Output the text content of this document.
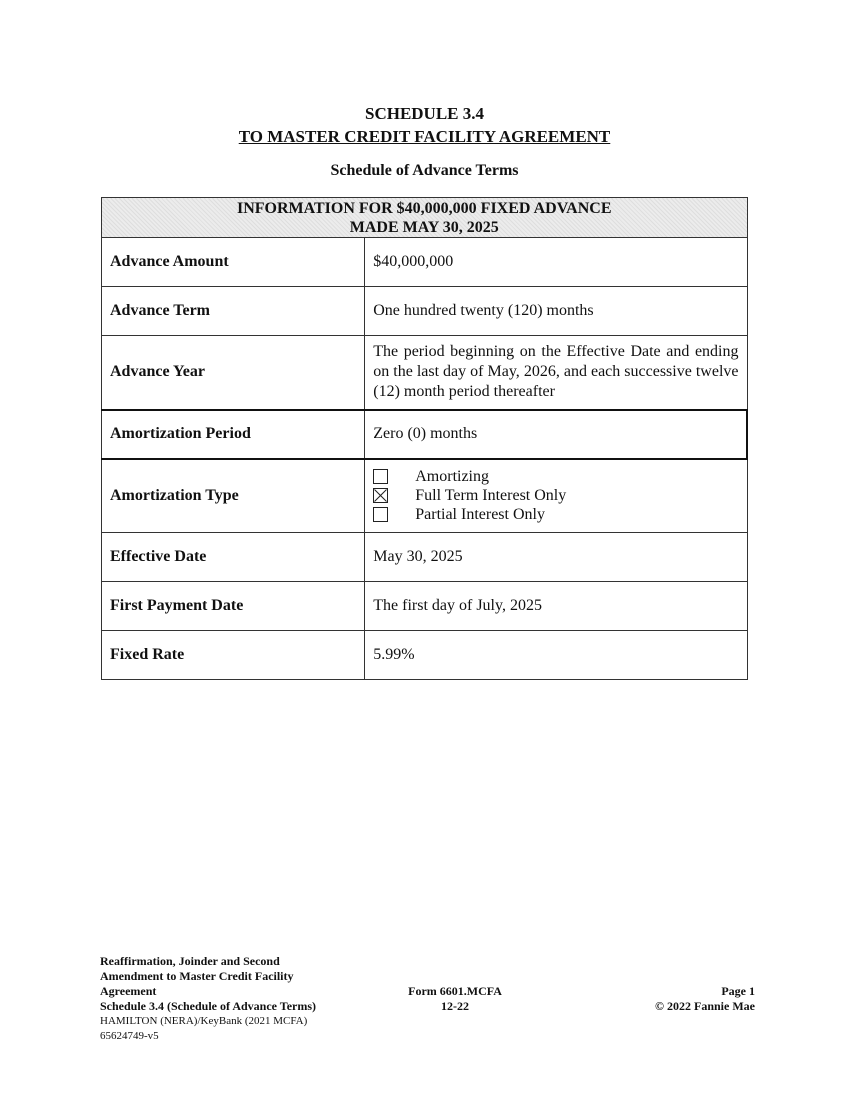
SCHEDULE 3.4
TO MASTER CREDIT FACILITY AGREEMENT
Schedule of Advance Terms
INFORMATION FOR $40,000,000 FIXED ADVANCE
MADE MAY 30, 2025	

Advance Amount	$40,000,000
Advance Term	One hundred twenty (120) months
Advance Year	The period beginning on the Effective Date and ending on the last day of May, 2026, and each successive twelve (12) month period thereafter
Amortization Period	Zero (0) months
Amortization Type	Amortizing
Full Term Interest Only
Partial Interest Only

Effective Date	May 30, 2025
First Payment Date	The first day of July, 2025
Fixed Rate	5.99%
Reaffirmation, Joinder and Second
Amendment to Master Credit Facility
Agreement
Schedule 3.4 (Schedule of Advance Terms)
HAMILTON (NERA)/KeyBank (2021 MCFA)
65624749-v5
Form 6601.MCFA
12-22
Page 1
© 2022 Fannie Mae
